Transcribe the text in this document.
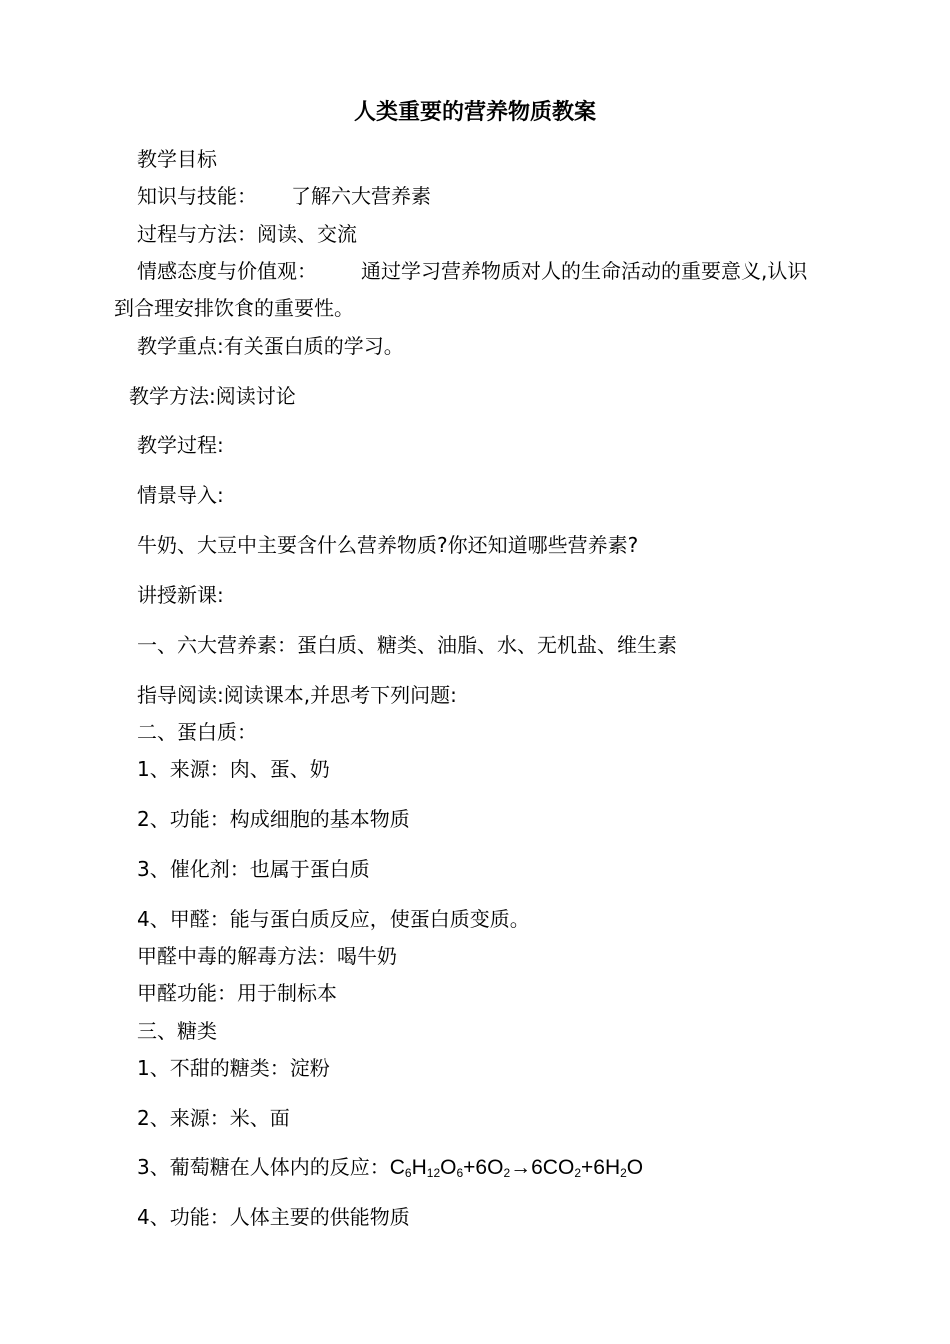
人类重要的营养物质教案
教学目标
知识与技能： 了解六大营养素
过程与方法：阅读、交流
情感态度与价值观： 通过学习营养物质对人的生命活动的重要意义,认识
到合理安排饮食的重要性。
教学重点:有关蛋白质的学习。
教学方法:阅读讨论
教学过程:
情景导入:
牛奶、大豆中主要含什么营养物质?你还知道哪些营养素?
讲授新课:
一、六大营养素：蛋白质、糖类、油脂、水、无机盐、维生素
指导阅读:阅读课本,并思考下列问题:
二、蛋白质：
1、来源：肉、蛋、奶
2、功能：构成细胞的基本物质
3、催化剂：也属于蛋白质
4、甲醛：能与蛋白质反应，使蛋白质变质。
甲醛中毒的解毒方法：喝牛奶
甲醛功能：用于制标本
三、糖类
1、不甜的糖类：淀粉
2、来源：米、面
3、葡萄糖在人体内的反应：$C_6H_{12}O_6+6O_2\to 6CO_2+6H_2O$
4、功能：人体主要的供能物质
